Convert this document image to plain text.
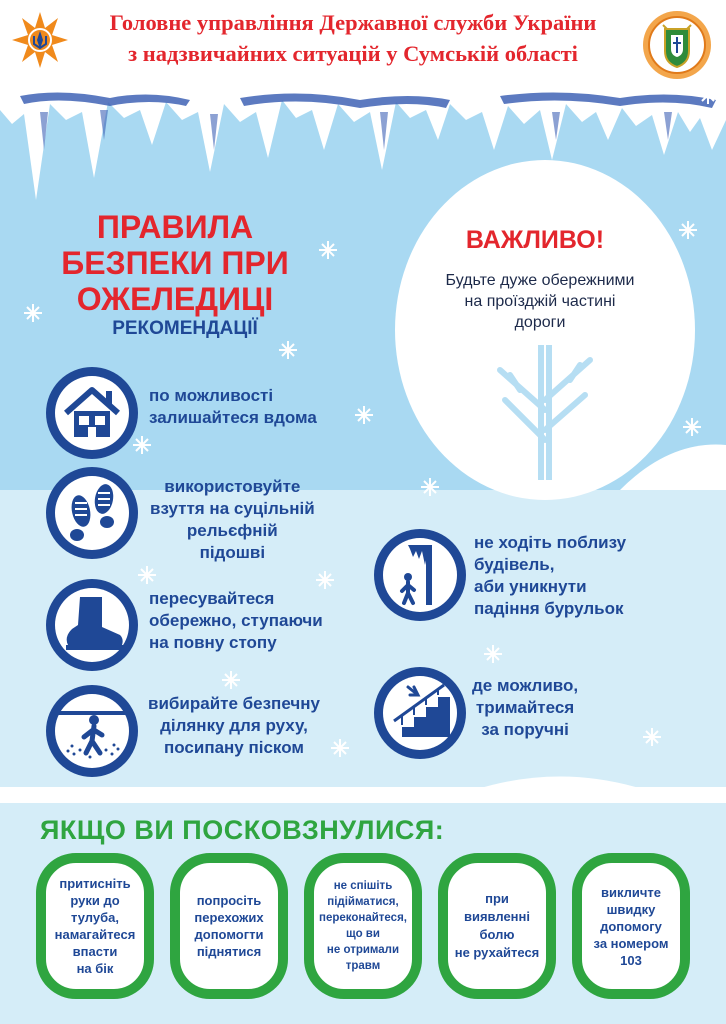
Головне управління Державної служби України
з надзвичайних ситуацій у Сумській області
ПРАВИЛА
БЕЗПЕКИ ПРИ
ОЖЕЛЕДИЦІ
РЕКОМЕНДАЦІЇ
ВАЖЛИВО!
Будьте дуже обережними
на проїзджій частині
дороги
по можливості
залишайтеся вдома
використовуйте
взуття на суцільній
рельєфній
підошві
пересувайтеся
обережно, ступаючи
на повну стопу
вибирайте безпечну
ділянку для руху,
посипану піском
не ходіть поблизу
будівель,
аби уникнути
падіння бурульок
де можливо,
тримайтеся
за поручні
ЯКЩО ВИ ПОСКОВЗНУЛИСЯ:
притисніть
руки до
тулуба,
намагайтеся
впасти
на бік
попросіть
перехожих
допомогти
піднятися
не спішіть
підійматися,
переконайтеся,
що ви
не отримали
травм
при
виявленні
болю
не рухайтеся
викличте
швидку
допомогу
за номером
103
